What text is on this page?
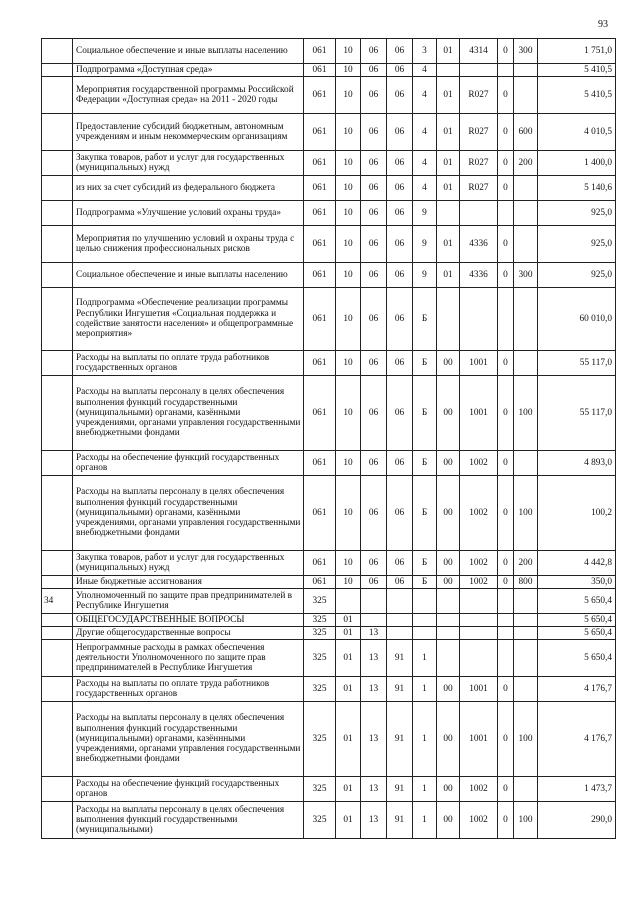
93
	Социальное обеспечение и иные выплаты населению	061	10	06	06	3	01	4314	0	300	1 751,0
	Подпрограмма «Доступная среда»	061	10	06	06	4					5 410,5
	Мероприятия государственной программы Российской Федерации «Доступная среда» на 2011 - 2020 годы	061	10	06	06	4	01	R027	0		5 410,5
	Предоставление субсидий бюджетным, автономным учреждениям и иным некоммерческим организациям	061	10	06	06	4	01	R027	0	600	4 010,5
	Закупка товаров, работ и услуг для государственных (муниципальных) нужд	061	10	06	06	4	01	R027	0	200	1 400,0
	из них за счет субсидий из федерального бюджета	061	10	06	06	4	01	R027	0		5 140,6
	Подпрограмма «Улучшение условий охраны труда»	061	10	06	06	9					925,0
	Мероприятия по улучшению условий и охраны труда с целью снижения профессиональных рисков	061	10	06	06	9	01	4336	0		925,0
	Социальное обеспечение и иные выплаты населению	061	10	06	06	9	01	4336	0	300	925,0
	Подпрограмма «Обеспечение реализации программы Республики Ингушетия «Социальная поддержка и содействие занятости населения» и общепрограммные мероприятия»	061	10	06	06	Б					60 010,0
	Расходы на выплаты по оплате труда работников государственных органов	061	10	06	06	Б	00	1001	0		55 117,0
	Расходы на выплаты персоналу в целях обеспечения выполнения функций государственными (муниципальными) органами, казёнными учреждениями, органами управления государственными внебюджетными фондами	061	10	06	06	Б	00	1001	0	100	55 117,0
	Расходы на обеспечение функций государственных органов	061	10	06	06	Б	00	1002	0		4 893,0
	Расходы на выплаты персоналу в целях обеспечения выполнения функций государственными (муниципальными) органами, казёнными учреждениями, органами управления государственными внебюджетными фондами	061	10	06	06	Б	00	1002	0	100	100,2
	Закупка товаров, работ и услуг для государственных (муниципальных) нужд	061	10	06	06	Б	00	1002	0	200	4 442,8
	Иные бюджетные ассигнования	061	10	06	06	Б	00	1002	0	800	350,0
34	Уполномоченный по защите прав предпринимателей в Республике Ингушетия	325									5 650,4
	ОБЩЕГОСУДАРСТВЕННЫЕ ВОПРОСЫ	325	01								5 650,4
	Другие общегосударственные вопросы	325	01	13							5 650,4
	Непрограммные расходы в рамках обеспечения деятельности Уполномоченного по защите прав предпринимателей в Республике Ингушетия	325	01	13	91	1					5 650,4
	Расходы на выплаты по оплате труда работников государственных органов	325	01	13	91	1	00	1001	0		4 176,7
	Расходы на выплаты персоналу в целях обеспечения выполнения функций государственными (муниципальными) органами, казённными учреждениями, органами управления государственными внебюджетными фондами	325	01	13	91	1	00	1001	0	100	4 176,7
	Расходы на обеспечение функций государственных органов	325	01	13	91	1	00	1002	0		1 473,7
	Расходы на выплаты персоналу в целях обеспечения выполнения функций государственными (муниципальными)	325	01	13	91	1	00	1002	0	100	290,0
